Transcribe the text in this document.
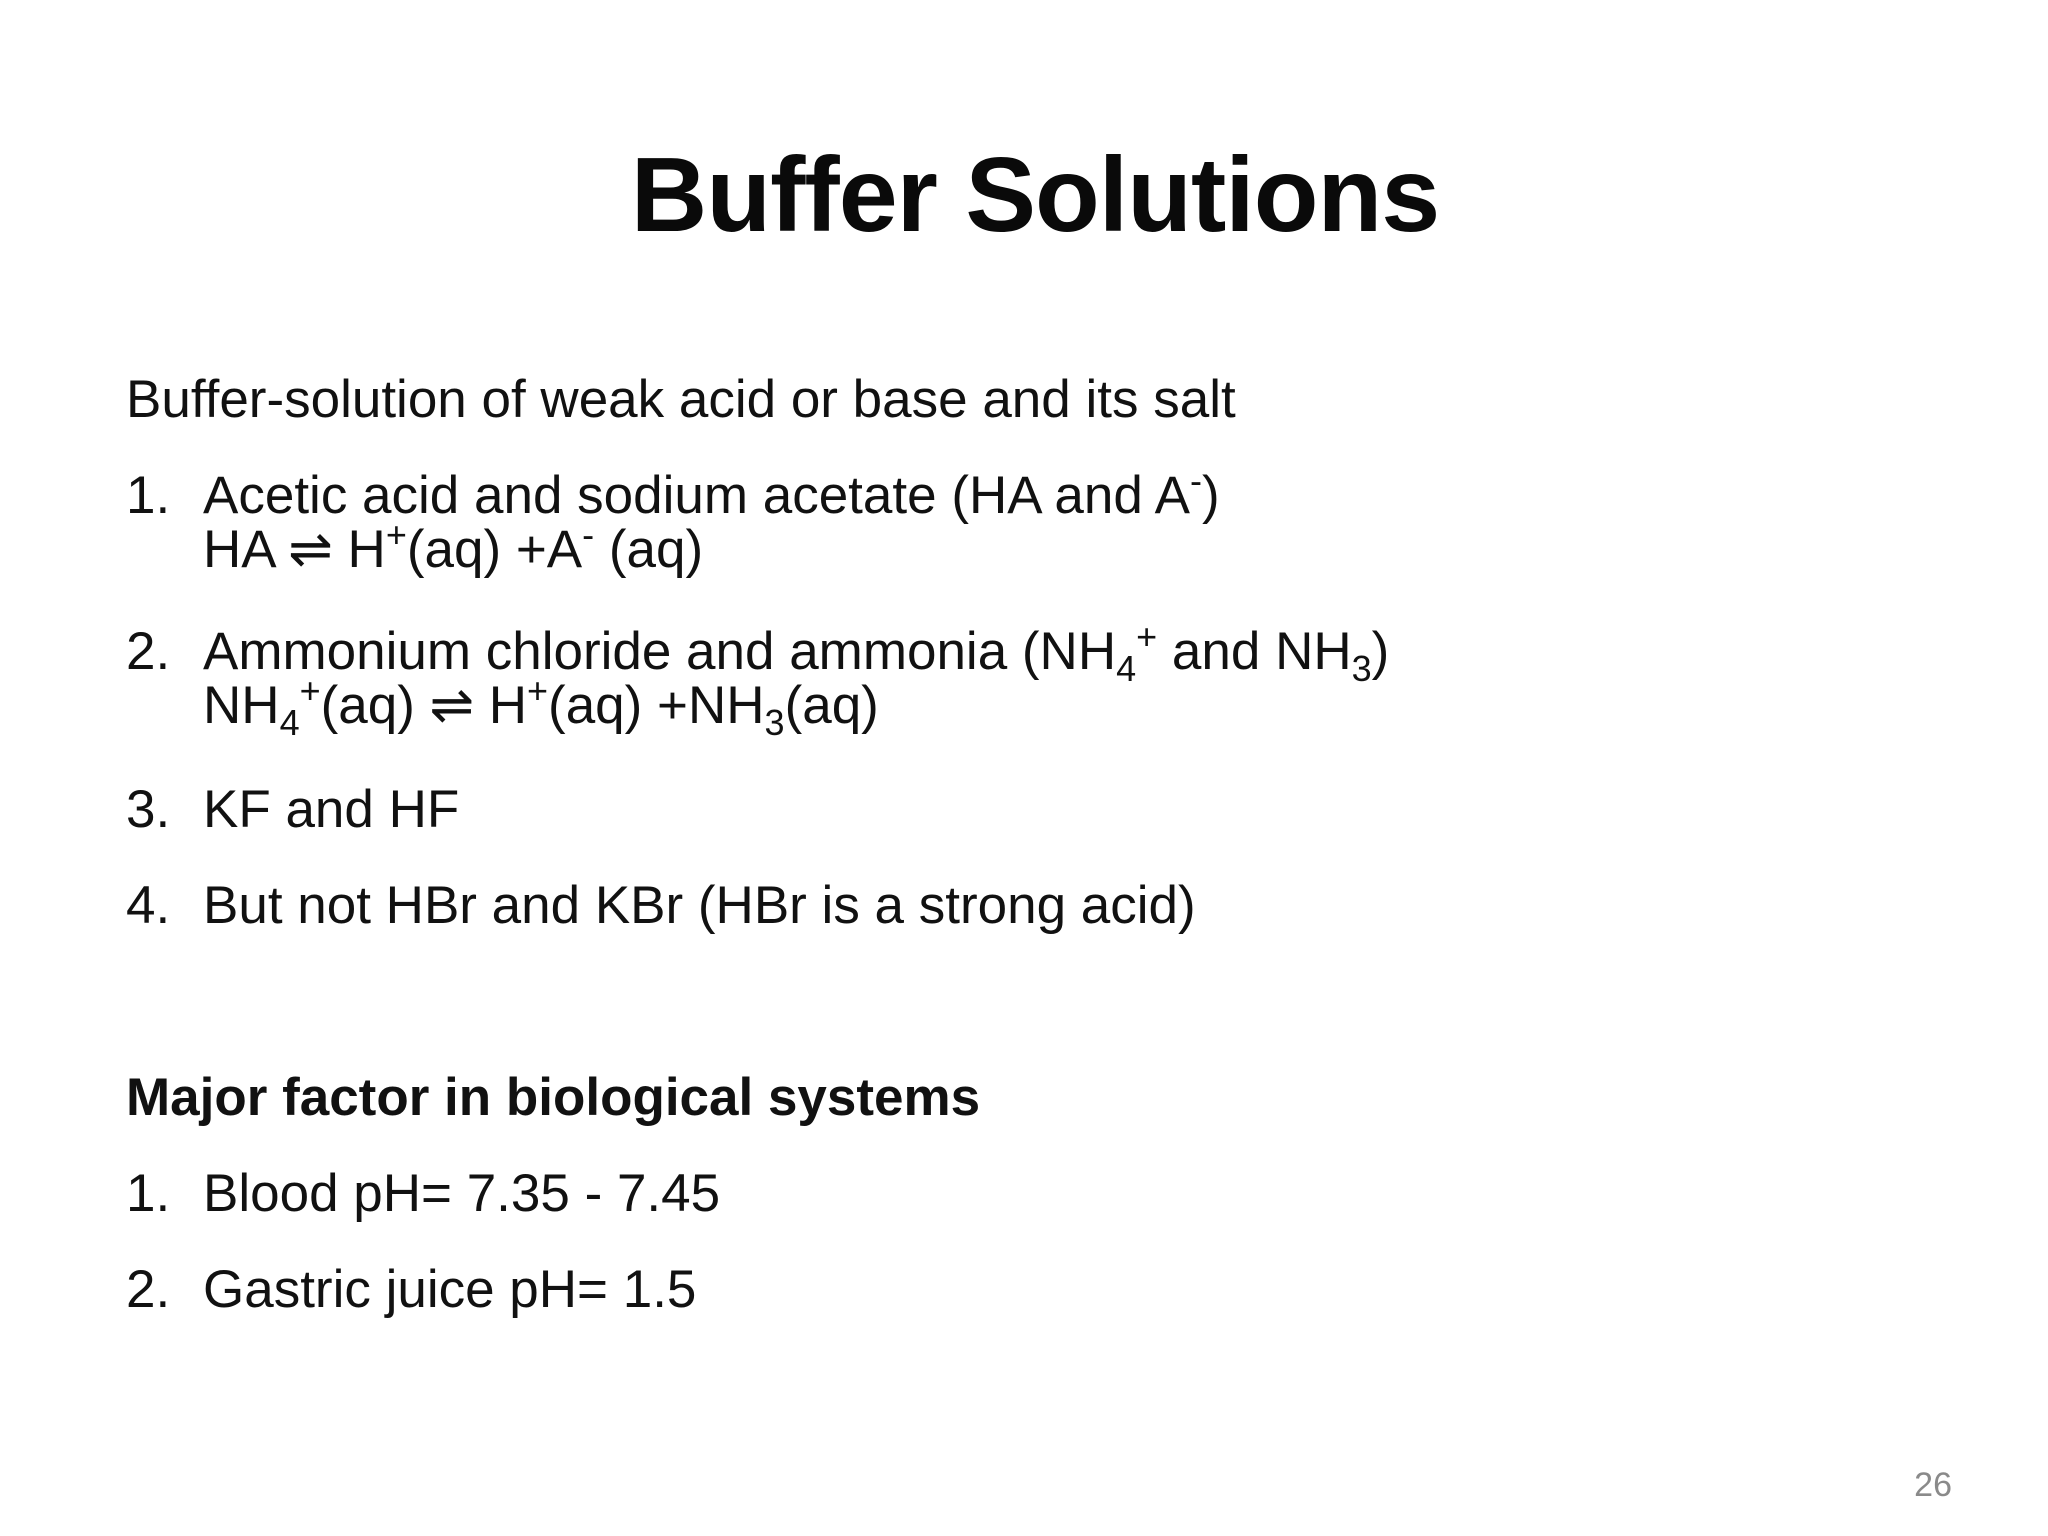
Buffer Solutions
Buffer-solution of weak acid or base and its salt
1. Acetic acid and sodium acetate (HA and A-)
HA ⇌ H+(aq) +A- (aq)
2. Ammonium chloride and ammonia ($NH_4^+$ and $NH_3$)
$NH_4^+(aq)$ ⇌ $H^+(aq) +NH_3(aq)$
3. KF and HF
4. But not HBr and KBr (HBr is a strong acid)
Major factor in biological systems
1. Blood pH= 7.35 - 7.45
2. Gastric juice pH= 1.5
26
